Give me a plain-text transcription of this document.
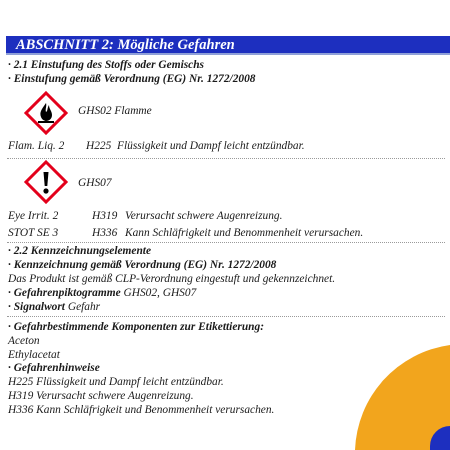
ABSCHNITT 2: Mögliche Gefahren
· 2.1 Einstufung des Stoffs oder Gemischs
· Einstufung gemäß Verordnung (EG) Nr. 1272/2008
GHS02 Flamme
Flam. Liq. 2 H225 Flüssigkeit und Dampf leicht entzündbar.
GHS07
Eye Irrit. 2	H319 Verursacht schwere Augenreizung.
STOT SE 3	H336 Kann Schläfrigkeit und Benommenheit verursachen.
· 2.2 Kennzeichnungselemente
· Kennzeichnung gemäß Verordnung (EG) Nr. 1272/2008
Das Produkt ist gemäß CLP-Verordnung eingestuft und gekennzeichnet.
· Gefahrenpiktogramme GHS02, GHS07
· Signalwort Gefahr
· Gefahrbestimmende Komponenten zur Etikettierung:
Aceton
Ethylacetat
· Gefahrenhinweise
H225 Flüssigkeit und Dampf leicht entzündbar.
H319 Verursacht schwere Augenreizung.
H336 Kann Schläfrigkeit und Benommenheit verursachen.
